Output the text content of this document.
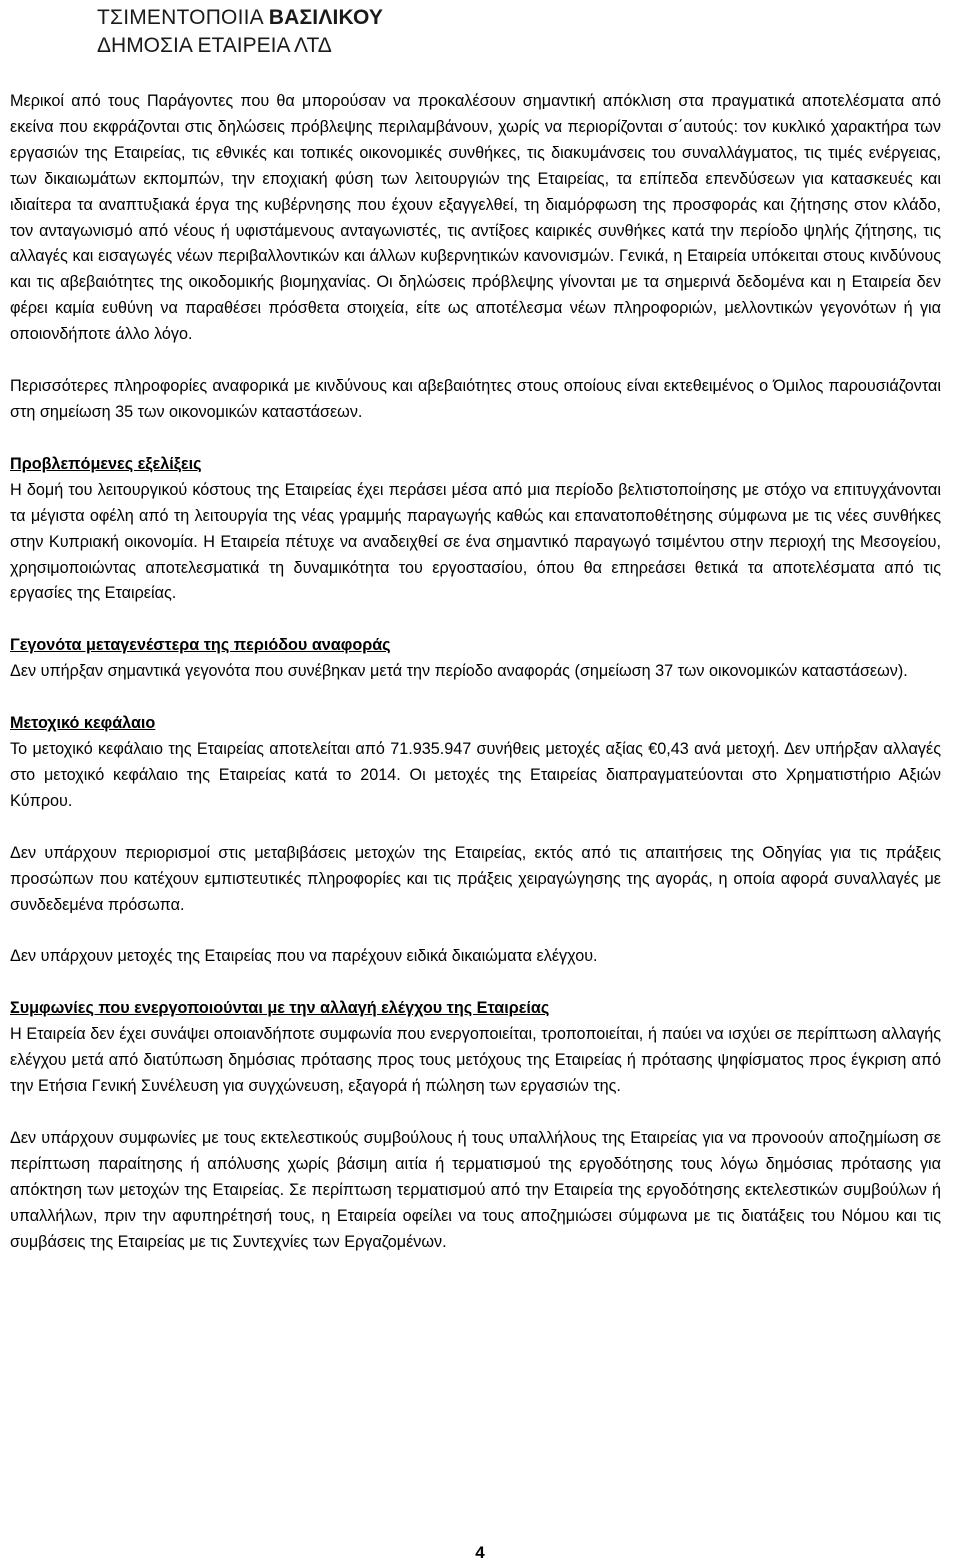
ΤΣΙΜΕΝΤΟΠΟΙΙΑ ΒΑΣΙΛΙΚΟΥ
ΔΗΜΟΣΙΑ ΕΤΑΙΡΕΙΑ ΛΤΔ

Μερικοί από τους Παράγοντες που θα μπορούσαν να προκαλέσουν σημαντική απόκλιση στα πραγματικά αποτελέσματα από εκείνα που εκφράζονται στις δηλώσεις πρόβλεψης περιλαμβάνουν, χωρίς να περιορίζονται σ΄αυτούς: τον κυκλικό χαρακτήρα των εργασιών της Εταιρείας, τις εθνικές και τοπικές οικονομικές συνθήκες, τις διακυμάνσεις του συναλλάγματος, τις τιμές ενέργειας, των δικαιωμάτων εκπομπών, την εποχιακή φύση των λειτουργιών της Εταιρείας, τα επίπεδα επενδύσεων για κατασκευές και ιδιαίτερα τα αναπτυξιακά έργα της κυβέρνησης που έχουν εξαγγελθεί, τη διαμόρφωση της προσφοράς και ζήτησης στον κλάδο, τον ανταγωνισμό από νέους ή υφιστάμενους ανταγωνιστές, τις αντίξοες καιρικές συνθήκες κατά την περίοδο ψηλής ζήτησης, τις αλλαγές και εισαγωγές νέων περιβαλλοντικών και άλλων κυβερνητικών κανονισμών. Γενικά, η Εταιρεία υπόκειται στους κινδύνους και τις αβεβαιότητες της οικοδομικής βιομηχανίας. Οι δηλώσεις πρόβλεψης γίνονται με τα σημερινά δεδομένα και η Εταιρεία δεν φέρει καμία ευθύνη να παραθέσει πρόσθετα στοιχεία, είτε ως αποτέλεσμα νέων πληροφοριών, μελλοντικών γεγονότων ή για οποιονδήποτε άλλο λόγο.

Περισσότερες πληροφορίες αναφορικά με κινδύνους και αβεβαιότητες στους οποίους είναι εκτεθειμένος ο Όμιλος παρουσιάζονται στη σημείωση 35 των οικονομικών καταστάσεων.

Προβλεπόμενες εξελίξεις

Η δομή του λειτουργικού κόστους της Εταιρείας έχει περάσει μέσα από μια περίοδο βελτιστοποίησης με στόχο να επιτυγχάνονται τα μέγιστα οφέλη από τη λειτουργία της νέας γραμμής παραγωγής καθώς και επανατοποθέτησης σύμφωνα με τις νέες συνθήκες στην Κυπριακή οικονομία. Η Εταιρεία πέτυχε να αναδειχθεί σε ένα σημαντικό παραγωγό τσιμέντου στην περιοχή της Μεσογείου, χρησιμοποιώντας αποτελεσματικά τη δυναμικότητα του εργοστασίου, όπου θα επηρεάσει θετικά τα αποτελέσματα από τις εργασίες της Εταιρείας.

Γεγονότα μεταγενέστερα της περιόδου αναφοράς

Δεν υπήρξαν σημαντικά γεγονότα που συνέβηκαν μετά την περίοδο αναφοράς (σημείωση 37 των οικονομικών καταστάσεων).

Μετοχικό κεφάλαιο

Το μετοχικό κεφάλαιο της Εταιρείας αποτελείται από 71.935.947 συνήθεις μετοχές αξίας €0,43 ανά μετοχή. Δεν υπήρξαν αλλαγές στο μετοχικό κεφάλαιο της Εταιρείας κατά το 2014. Οι μετοχές της Εταιρείας διαπραγματεύονται στο Χρηματιστήριο Αξιών Κύπρου.

Δεν υπάρχουν περιορισμοί στις μεταβιβάσεις μετοχών της Εταιρείας, εκτός από τις απαιτήσεις της Οδηγίας για τις πράξεις προσώπων που κατέχουν εμπιστευτικές πληροφορίες και τις πράξεις χειραγώγησης της αγοράς, η οποία αφορά συναλλαγές με συνδεδεμένα πρόσωπα.

Δεν υπάρχουν μετοχές της Εταιρείας που να παρέχουν ειδικά δικαιώματα ελέγχου.

Συμφωνίες που ενεργοποιούνται με την αλλαγή ελέγχου της Εταιρείας

Η Εταιρεία δεν έχει συνάψει οποιανδήποτε συμφωνία που ενεργοποιείται, τροποποιείται, ή παύει να ισχύει σε περίπτωση αλλαγής ελέγχου μετά από διατύπωση δημόσιας πρότασης προς τους μετόχους της Εταιρείας ή πρότασης ψηφίσματος προς έγκριση από την Ετήσια Γενική Συνέλευση για συγχώνευση, εξαγορά ή πώληση των εργασιών της.

Δεν υπάρχουν συμφωνίες με τους εκτελεστικούς συμβούλους ή τους υπαλλήλους της Εταιρείας για να προνοούν αποζημίωση σε περίπτωση παραίτησης ή απόλυσης χωρίς βάσιμη αιτία ή τερματισμού της εργοδότησης τους λόγω δημόσιας πρότασης για απόκτηση των μετοχών της Εταιρείας. Σε περίπτωση τερματισμού από την Εταιρεία της εργοδότησης εκτελεστικών συμβούλων ή υπαλλήλων, πριν την αφυπηρέτησή τους, η Εταιρεία οφείλει να τους αποζημιώσει σύμφωνα με τις διατάξεις του Νόμου και τις συμβάσεις της Εταιρείας με τις Συντεχνίες των Εργαζομένων.

4
